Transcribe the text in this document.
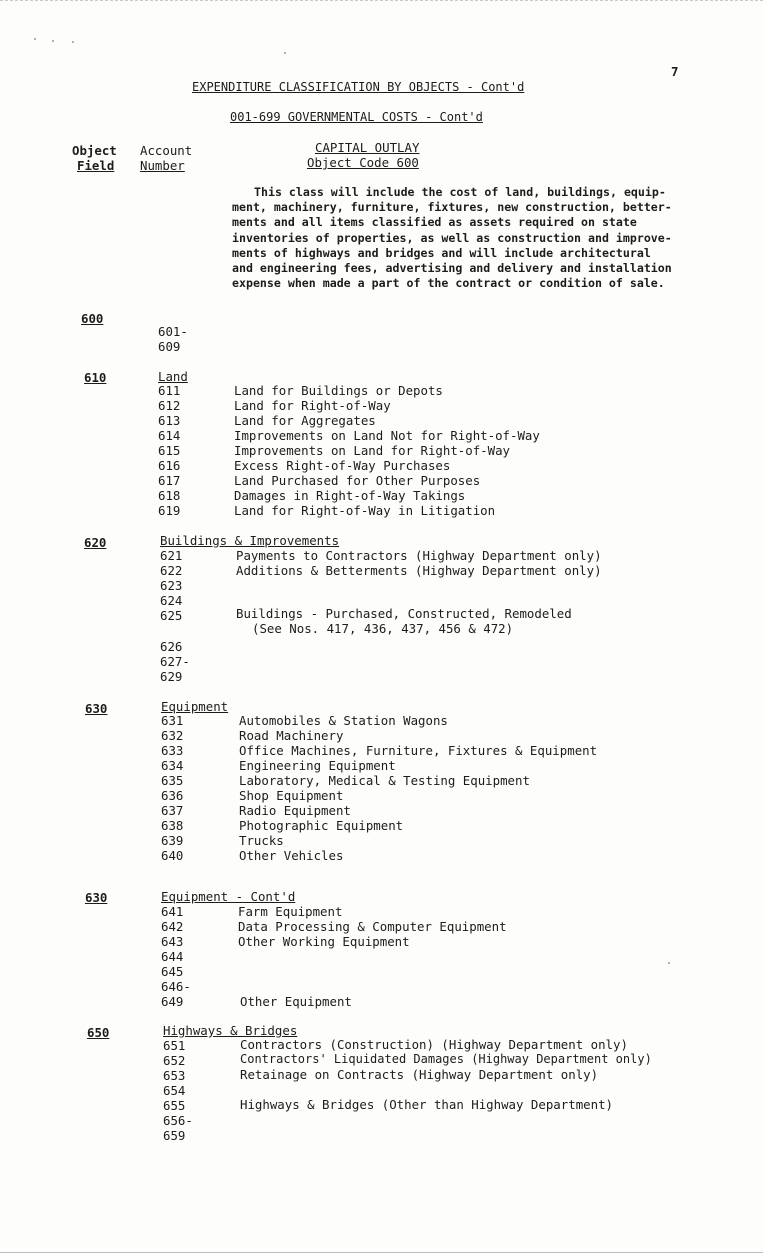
7
EXPENDITURE CLASSIFICATION BY OBJECTS - Cont'd
001-699 GOVERNMENTAL COSTS - Cont'd
Object
Field
Account
Number
CAPITAL OUTLAY
Object Code 600
This class will include the cost of land, buildings, equip-
ment, machinery, furniture, fixtures, new construction, better-
ments and all items classified as assets required on state
inventories of properties, as well as construction and improve-
ments of highways and bridges and will include architectural
and engineering fees, advertising and delivery and installation
expense when made a part of the contract or condition of sale.
600
601-
609
610	Land
611	Land for Buildings or Depots
612	Land for Right-of-Way
613	Land for Aggregates
614	Improvements on Land Not for Right-of-Way
615	Improvements on Land for Right-of-Way
616	Excess Right-of-Way Purchases
617	Land Purchased for Other Purposes
618	Damages in Right-of-Way Takings
619	Land for Right-of-Way in Litigation
620	Buildings & Improvements
621	Payments to Contractors (Highway Department only)
622	Additions & Betterments (Highway Department only)
623
624
625	Buildings - Purchased, Constructed, Remodeled
(See Nos. 417, 436, 437, 456 & 472)
626
627-
629
630	Equipment
631	Automobiles & Station Wagons
632	Road Machinery
633	Office Machines, Furniture, Fixtures & Equipment
634	Engineering Equipment
635	Laboratory, Medical & Testing Equipment
636	Shop Equipment
637	Radio Equipment
638	Photographic Equipment
639	Trucks
640	Other Vehicles
630	Equipment - Cont'd
641	Farm Equipment
642	Data Processing & Computer Equipment
643	Other Working Equipment
644
645
646-
649	Other Equipment
650	Highways & Bridges
651	Contractors (Construction) (Highway Department only)
652	Contractors' Liquidated Damages (Highway Department only)
653	Retainage on Contracts (Highway Department only)
654
655	Highways & Bridges (Other than Highway Department)
656-
659
